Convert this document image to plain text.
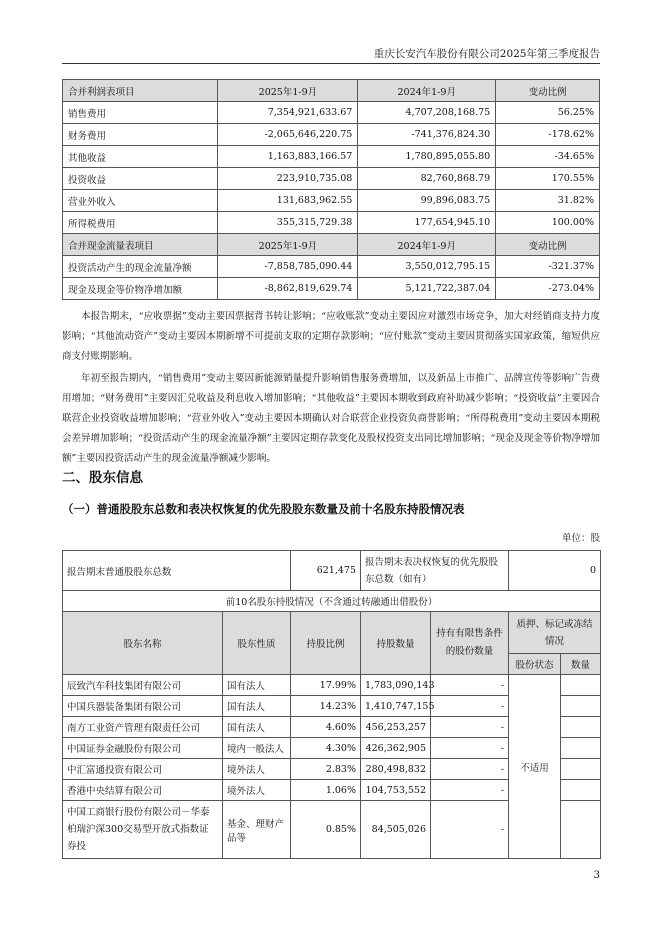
重庆长安汽车股份有限公司2025年第三季度报告
合并利润表项目	2025年1-9月	2024年1-9月	变动比例
销售费用	7,354,921,633.67	4,707,208,168.75	56.25%
财务费用	-2,065,646,220.75	-741,376,824.30	-178.62%
其他收益	1,163,883,166.57	1,780,895,055.80	-34.65%
投资收益	223,910,735.08	82,760,868.79	170.55%
营业外收入	131,683,962.55	99,896,083.75	31.82%
所得税费用	355,315,729.38	177,654,945.10	100.00%
合并现金流量表项目	2025年1-9月	2024年1-9月	变动比例
投资活动产生的现金流量净额	-7,858,785,090.44	3,550,012,795.15	-321.37%
现金及现金等价物净增加额	-8,862,819,629.74	5,121,722,387.04	-273.04%

本报告期末，“应收票据”变动主要因票据背书转让影响；“应收账款”变动主要因应对激烈市场竞争，加大对经销商支持力度影响；“其他流动资产”变动主要因本期新增不可提前支取的定期存款影响；“应付账款”变动主要因贯彻落实国家政策，缩短供应商支付账期影响。

年初至报告期内，“销售费用”变动主要因新能源销量提升影响销售服务费增加，以及新品上市推广、品牌宣传等影响广告费用增加；“财务费用”主要因汇兑收益及利息收入增加影响；“其他收益”主要因本期收到政府补助减少影响；“投资收益”主要因合联营企业投资收益增加影响；“营业外收入”变动主要因本期确认对合联营企业投资负商誉影响；“所得税费用”变动主要因本期税会差异增加影响；“投资活动产生的现金流量净额”主要因定期存款变化及股权投资支出同比增加影响；“现金及现金等价物净增加额”主要因投资活动产生的现金流量净额减少影响。

二、股东信息
（一）普通股股东总数和表决权恢复的优先股股东数量及前十名股东持股情况表
单位：股
报告期末普通股股东总数		621,475	报告期末表决权恢复的优先股股东总数（如有）		0	
前10名股东持股情况（不含通过转融通出借股份）						
股东名称	股东性质	持股比例	持股数量	持有有限售条件的股份数量	质押、标记或冻结情况	
					股份状态	数量
辰致汽车科技集团有限公司	国有法人	17.99%	1,783,090,143	-	不适用	
中国兵器装备集团有限公司	国有法人	14.23%	1,410,747,155	-		
南方工业资产管理有限责任公司	国有法人	4.60%	456,253,257	-		
中国证券金融股份有限公司	境内一般法人	4.30%	426,362,905	-		
中汇富通投资有限公司	境外法人	2.83%	280,498,832	-		
香港中央结算有限公司	境外法人	1.06%	104,753,552	-		
中国工商银行股份有限公司－华泰柏瑞沪深300交易型开放式指数证券投	基金、理财产品等	0.85%	84,505,026	-		
3
